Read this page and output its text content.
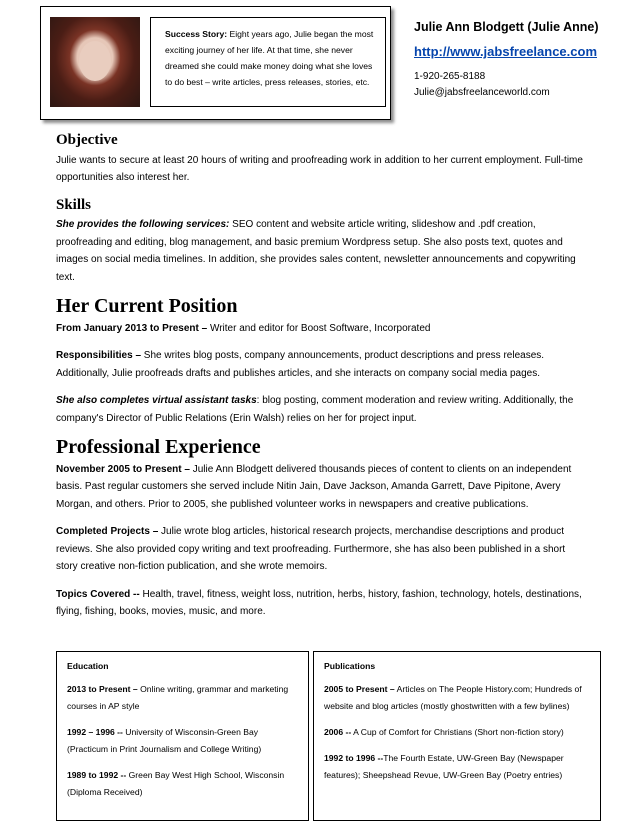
Success Story: Eight years ago, Julie began the most exciting journey of her life. At that time, she never dreamed she could make money doing what she loves to do best – write articles, press releases, stories, etc.
Julie Ann Blodgett (Julie Anne)
http://www.jabsfreelance.com
1-920-265-8188
Julie@jabsfreelanceworld.com
Objective

Julie wants to secure at least 20 hours of writing and proofreading work in addition to her current employment. Full-time opportunities also interest her.

Skills

She provides the following services: SEO content and website article writing, slideshow and .pdf creation, proofreading and editing, blog management, and basic premium Wordpress setup. She also posts text, quotes and images on social media timelines. In addition, she provides sales content, newsletter announcements and copywriting text.

Her Current Position

From January 2013 to Present – Writer and editor for Boost Software, Incorporated

Responsibilities – She writes blog posts, company announcements, product descriptions and press releases. Additionally, Julie proofreads drafts and publishes articles, and she interacts on company social media pages.

She also completes virtual assistant tasks: blog posting, comment moderation and review writing. Additionally, the company's Director of Public Relations (Erin Walsh) relies on her for project input.

Professional Experience

November 2005 to Present – Julie Ann Blodgett delivered thousands pieces of content to clients on an independent basis. Past regular customers she served include Nitin Jain, Dave Jackson, Amanda Garrett, Dave Pipitone, Avery Morgan, and others. Prior to 2005, she published volunteer works in newspapers and creative publications.

Completed Projects – Julie wrote blog articles, historical research projects, merchandise descriptions and product reviews. She also provided copy writing and text proofreading. Furthermore, she has also been published in a short story creative non-fiction publication, and she wrote memoirs.

Topics Covered -- Health, travel, fitness, weight loss, nutrition, herbs, history, fashion, technology, hotels, destinations, flying, fishing, books, movies, music, and more.

Education
2013 to Present – Online writing, grammar and marketing courses in AP style
1992 – 1996 -- University of Wisconsin-Green Bay (Practicum in Print Journalism and College Writing)
1989 to 1992 -- Green Bay West High School, Wisconsin (Diploma Received)
Publications
2005 to Present – Articles on The People History.com; Hundreds of website and blog articles (mostly ghostwritten with a few bylines)
2006 -- A Cup of Comfort for Christians (Short non-fiction story)
1992 to 1996 --The Fourth Estate, UW-Green Bay (Newspaper features); Sheepshead Revue, UW-Green Bay (Poetry entries)
